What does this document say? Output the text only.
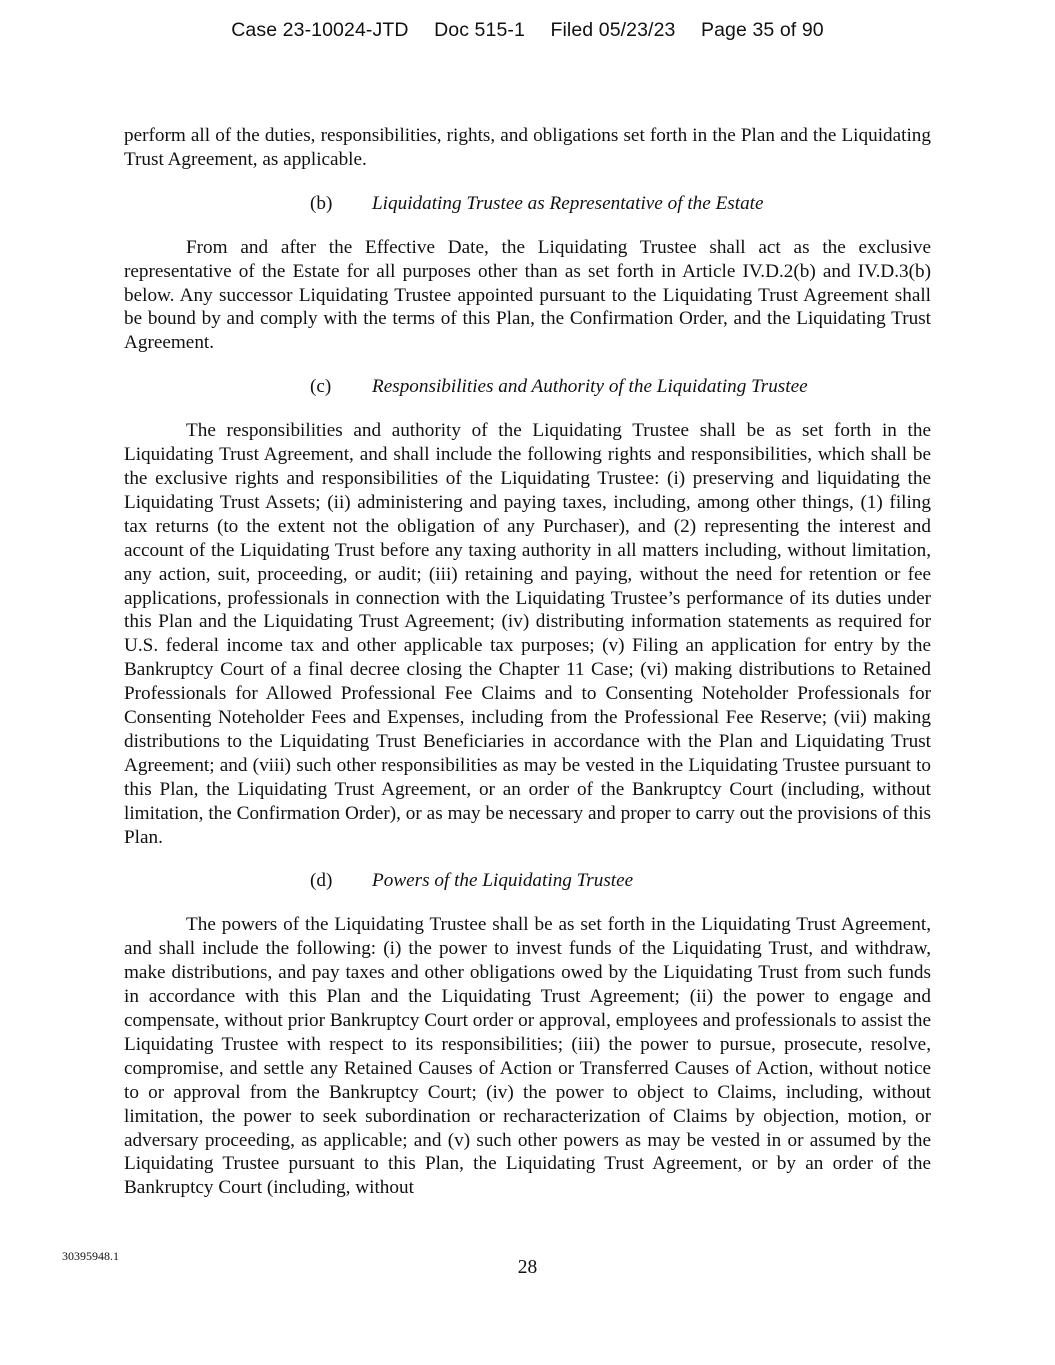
Case 23-10024-JTD Doc 515-1 Filed 05/23/23 Page 35 of 90

perform all of the duties, responsibilities, rights, and obligations set forth in the Plan and the Liquidating Trust Agreement, as applicable.

(b) Liquidating Trustee as Representative of the Estate

From and after the Effective Date, the Liquidating Trustee shall act as the exclusive representative of the Estate for all purposes other than as set forth in Article IV.D.2(b) and IV.D.3(b) below. Any successor Liquidating Trustee appointed pursuant to the Liquidating Trust Agreement shall be bound by and comply with the terms of this Plan, the Confirmation Order, and the Liquidating Trust Agreement.

(c) Responsibilities and Authority of the Liquidating Trustee

The responsibilities and authority of the Liquidating Trustee shall be as set forth in the Liquidating Trust Agreement, and shall include the following rights and responsibilities, which shall be the exclusive rights and responsibilities of the Liquidating Trustee: (i) preserving and liquidating the Liquidating Trust Assets; (ii) administering and paying taxes, including, among other things, (1) filing tax returns (to the extent not the obligation of any Purchaser), and (2) representing the interest and account of the Liquidating Trust before any taxing authority in all matters including, without limitation, any action, suit, proceeding, or audit; (iii) retaining and paying, without the need for retention or fee applications, professionals in connection with the Liquidating Trustee’s performance of its duties under this Plan and the Liquidating Trust Agreement; (iv) distributing information statements as required for U.S. federal income tax and other applicable tax purposes; (v) Filing an application for entry by the Bankruptcy Court of a final decree closing the Chapter 11 Case; (vi) making distributions to Retained Professionals for Allowed Professional Fee Claims and to Consenting Noteholder Professionals for Consenting Noteholder Fees and Expenses, including from the Professional Fee Reserve; (vii) making distributions to the Liquidating Trust Beneficiaries in accordance with the Plan and Liquidating Trust Agreement; and (viii) such other responsibilities as may be vested in the Liquidating Trustee pursuant to this Plan, the Liquidating Trust Agreement, or an order of the Bankruptcy Court (including, without limitation, the Confirmation Order), or as may be necessary and proper to carry out the provisions of this Plan.

(d) Powers of the Liquidating Trustee

The powers of the Liquidating Trustee shall be as set forth in the Liquidating Trust Agreement, and shall include the following: (i) the power to invest funds of the Liquidating Trust, and withdraw, make distributions, and pay taxes and other obligations owed by the Liquidating Trust from such funds in accordance with this Plan and the Liquidating Trust Agreement; (ii) the power to engage and compensate, without prior Bankruptcy Court order or approval, employees and professionals to assist the Liquidating Trustee with respect to its responsibilities; (iii) the power to pursue, prosecute, resolve, compromise, and settle any Retained Causes of Action or Transferred Causes of Action, without notice to or approval from the Bankruptcy Court; (iv) the power to object to Claims, including, without limitation, the power to seek subordination or recharacterization of Claims by objection, motion, or adversary proceeding, as applicable; and (v) such other powers as may be vested in or assumed by the Liquidating Trustee pursuant to this Plan, the Liquidating Trust Agreement, or by an order of the Bankruptcy Court (including, without

30395948.1
28
